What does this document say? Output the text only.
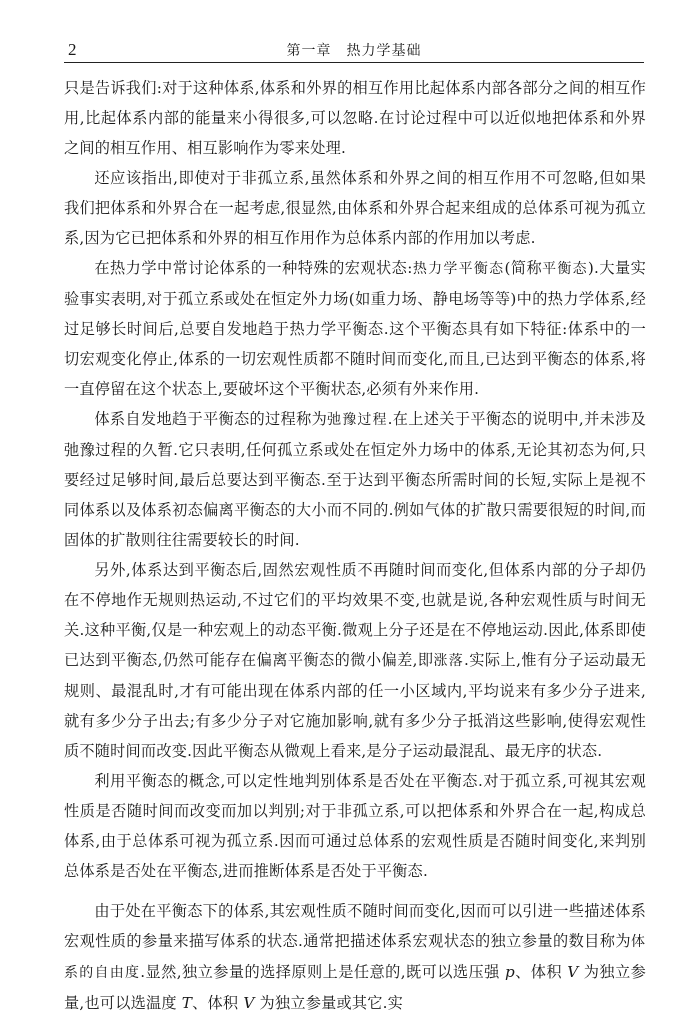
2	第一章　热力学基础

只是告诉我们:对于这种体系,体系和外界的相互作用比起体系内部各部分之间的相互作用,比起体系内部的能量来小得很多,可以忽略.在讨论过程中可以近似地把体系和外界之间的相互作用、相互影响作为零来处理.

还应该指出,即使对于非孤立系,虽然体系和外界之间的相互作用不可忽略,但如果我们把体系和外界合在一起考虑,很显然,由体系和外界合起来组成的总体系可视为孤立系,因为它已把体系和外界的相互作用作为总体系内部的作用加以考虑.

在热力学中常讨论体系的一种特殊的宏观状态:热力学平衡态(简称平衡态).大量实验事实表明,对于孤立系或处在恒定外力场(如重力场、静电场等等)中的热力学体系,经过足够长时间后,总要自发地趋于热力学平衡态.这个平衡态具有如下特征:体系中的一切宏观变化停止,体系的一切宏观性质都不随时间而变化,而且,已达到平衡态的体系,将一直停留在这个状态上,要破坏这个平衡状态,必须有外来作用.

体系自发地趋于平衡态的过程称为弛豫过程.在上述关于平衡态的说明中,并未涉及弛豫过程的久暂.它只表明,任何孤立系或处在恒定外力场中的体系,无论其初态为何,只要经过足够时间,最后总要达到平衡态.至于达到平衡态所需时间的长短,实际上是视不同体系以及体系初态偏离平衡态的大小而不同的.例如气体的扩散只需要很短的时间,而固体的扩散则往往需要较长的时间.

另外,体系达到平衡态后,固然宏观性质不再随时间而变化,但体系内部的分子却仍在不停地作无规则热运动,不过它们的平均效果不变,也就是说,各种宏观性质与时间无关.这种平衡,仅是一种宏观上的动态平衡.微观上分子还是在不停地运动.因此,体系即使已达到平衡态,仍然可能存在偏离平衡态的微小偏差,即涨落.实际上,惟有分子运动最无规则、最混乱时,才有可能出现在体系内部的任一小区域内,平均说来有多少分子进来,就有多少分子出去;有多少分子对它施加影响,就有多少分子抵消这些影响,使得宏观性质不随时间而改变.因此平衡态从微观上看来,是分子运动最混乱、最无序的状态.

利用平衡态的概念,可以定性地判别体系是否处在平衡态.对于孤立系,可视其宏观性质是否随时间而改变而加以判别;对于非孤立系,可以把体系和外界合在一起,构成总体系,由于总体系可视为孤立系.因而可通过总体系的宏观性质是否随时间变化,来判别总体系是否处在平衡态,进而推断体系是否处于平衡态.

由于处在平衡态下的体系,其宏观性质不随时间而变化,因而可以引进一些描述体系宏观性质的参量来描写体系的状态.通常把描述体系宏观状态的独立参量的数目称为体系的自由度.显然,独立参量的选择原则上是任意的,既可以选压强 p、体积 V 为独立参量,也可以选温度 T、体积 V 为独立参量或其它.实
